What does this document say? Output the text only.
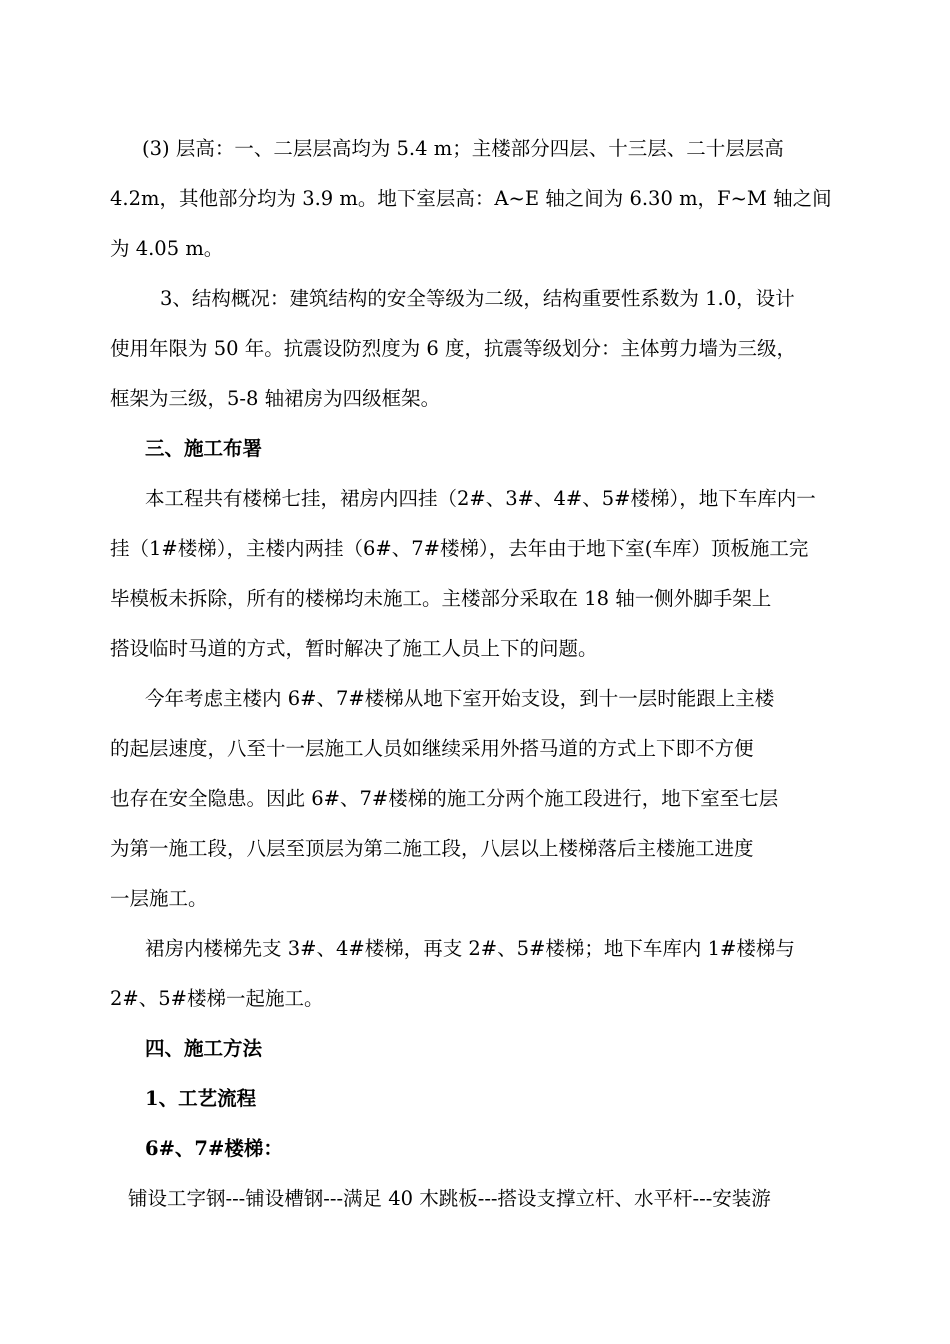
(3) 层高：一、二层层高均为 5.4 m；主楼部分四层、十三层、二十层层高
4.2m，其他部分均为 3.9 m。地下室层高：A~E 轴之间为 6.30 m，F~M 轴之间
为 4.05 m。
3、结构概况：建筑结构的安全等级为二级，结构重要性系数为 1.0，设计
使用年限为 50 年。抗震设防烈度为 6 度，抗震等级划分：主体剪力墙为三级，
框架为三级，5-8 轴裙房为四级框架。
三、施工布署
本工程共有楼梯七挂，裙房内四挂（2#、3#、4#、5#楼梯），地下车库内一
挂（1#楼梯），主楼内两挂（6#、7#楼梯），去年由于地下室(车库）顶板施工完
毕模板未拆除，所有的楼梯均未施工。主楼部分采取在 18 轴一侧外脚手架上
搭设临时马道的方式，暂时解决了施工人员上下的问题。
今年考虑主楼内 6#、7#楼梯从地下室开始支设，到十一层时能跟上主楼
的起层速度，八至十一层施工人员如继续采用外搭马道的方式上下即不方便
也存在安全隐患。因此 6#、7#楼梯的施工分两个施工段进行，地下室至七层
为第一施工段，八层至顶层为第二施工段，八层以上楼梯落后主楼施工进度
一层施工。
裙房内楼梯先支 3#、4#楼梯，再支 2#、5#楼梯；地下车库内 1#楼梯与
2#、5#楼梯一起施工。
四、施工方法
1、工艺流程
6#、7#楼梯：
铺设工字钢---铺设槽钢---满足 40 木跳板---搭设支撑立杆、水平杆---安装游
